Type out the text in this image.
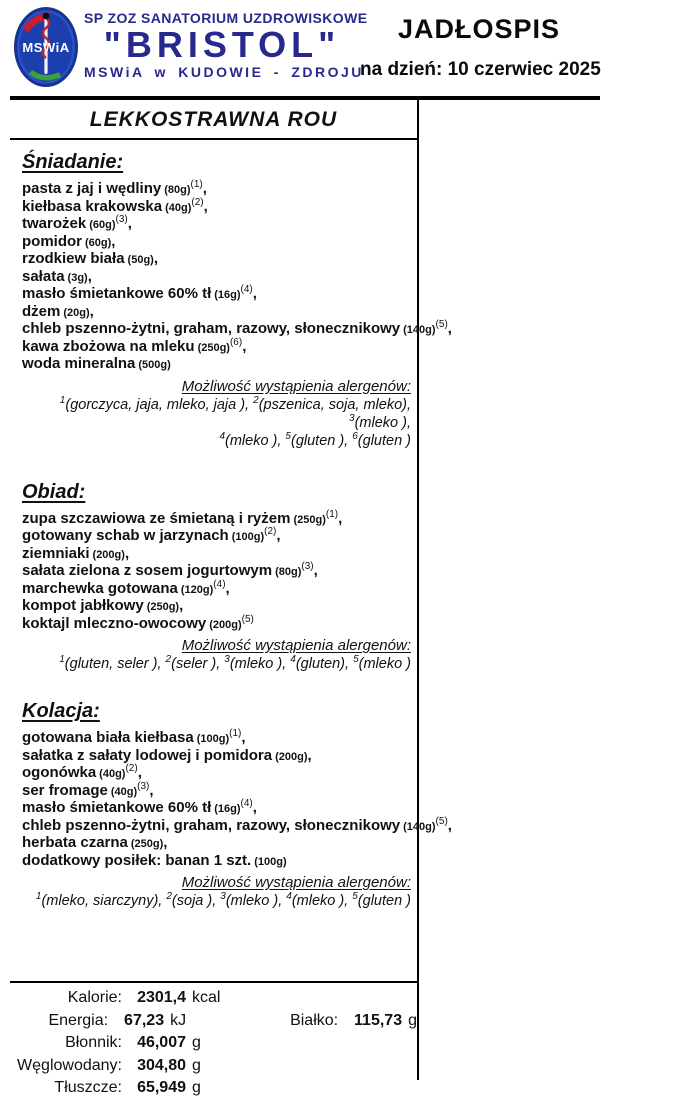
MSWiA
SP ZOZ SANATORIUM UZDROWISKOWE
"BRISTOL"
MSWiA w KUDOWIE - ZDROJU
JADŁOSPIS
na dzień: 10 czerwiec 2025
LEKKOSTRAWNA ROU
Śniadanie:
pasta z jaj i wędliny $(80g)^{(1)}$,
kiełbasa krakowska $(40g)^{(2)}$,
twarożek $(60g)^{(3)}$,
pomidor (60g),
rzodkiew biała (50g),
sałata (3g),
masło śmietankowe 60% tł $(16g)^{(4)}$,
dżem (20g),
chleb pszenno-żytni, graham, razowy, słonecznikowy $(140g)^{(5)}$,
kawa zbożowa na mleku $(250g)^{(6)}$,
woda mineralna (500g)
Możliwość wystąpienia alergenów:
$^1$(gorczyca, jaja, mleko, jaja ), $^2$(pszenica, soja, mleko), $^3$(mleko ),
$^4$(mleko ), $^5$(gluten ), $^6$(gluten )
Obiad:
zupa szczawiowa ze śmietaną i ryżem $(250g)^{(1)}$,
gotowany schab w jarzynach $(100g)^{(2)}$,
ziemniaki (200g),
sałata zielona z sosem jogurtowym $(80g)^{(3)}$,
marchewka gotowana $(120g)^{(4)}$,
kompot jabłkowy (250g),
koktajl mleczno-owocowy $(200g)^{(5)}$
Możliwość wystąpienia alergenów:
$^1$(gluten, seler ), $^2$(seler ), $^3$(mleko ), $^4$(gluten), $^5$(mleko )
Kolacja:
gotowana biała kiełbasa $(100g)^{(1)}$,
sałatka z sałaty lodowej i pomidora (200g),
ogonówka $(40g)^{(2)}$,
ser fromage $(40g)^{(3)}$,
masło śmietankowe 60% tł $(16g)^{(4)}$,
chleb pszenno-żytni, graham, razowy, słonecznikowy $(140g)^{(5)}$,
herbata czarna (250g),
dodatkowy posiłek: banan 1 szt. (100g)
Możliwość wystąpienia alergenów:
$^1$(mleko, siarczyny), $^2$(soja ), $^3$(mleko ), $^4$(mleko ), $^5$(gluten )
Kalorie: 2301,4 kcal
Energia: 67,23 kJ	Białko: 115,73 g
Błonnik: 46,007 g
Węglowodany: 304,80 g
Tłuszcze: 65,949 g
